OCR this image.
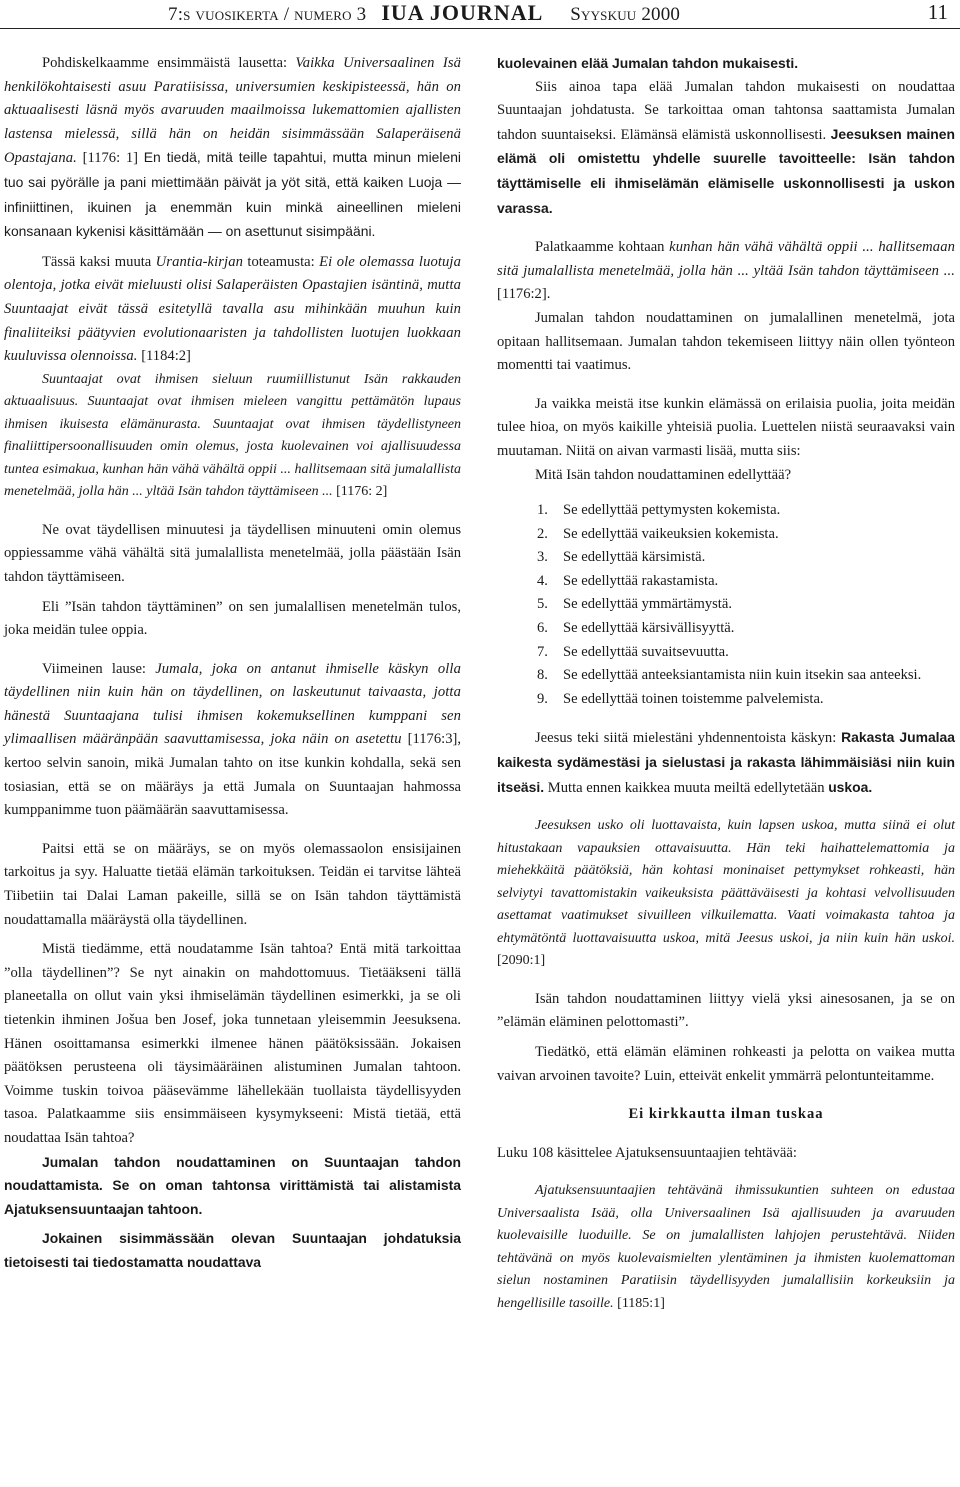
7:s vuosikerta / numero 3 IUA JOURNAL Syyskuu 2000	11

Pohdiskelkaamme ensimmäistä lausetta: Vaikka Universaalinen Isä henkilökohtaisesti asuu Paratiisissa, universumien keskipisteessä, hän on aktuaalisesti läsnä myös avaruuden maailmoissa lukemattomien ajallisten lastensa mielessä, sillä hän on heidän sisimmässään Salaperäisenä Opastajana. [1176: 1] En tiedä, mitä teille tapahtui, mutta minun mieleni tuo sai pyörälle ja pani miettimään päivät ja yöt sitä, että kaiken Luoja — infiniittinen, ikuinen ja enemmän kuin minkä aineellinen mieleni konsanaan kykenisi käsittämään — on asettunut sisimpääni.

Tässä kaksi muuta Urantia-kirjan toteamusta: Ei ole olemassa luotuja olentoja, jotka eivät mieluusti olisi Salaperäisten Opastajien isäntinä, mutta Suuntaajat eivät tässä esitetyllä tavalla asu mihinkään muuhun kuin finaliiteiksi päätyvien evolutionaaristen ja tahdollisten luotujen luokkaan kuuluvissa olennoissa. [1184:2]

Suuntaajat ovat ihmisen sieluun ruumiillistunut Isän rakkauden aktuaalisuus. Suuntaajat ovat ihmisen mieleen vangittu pettämätön lupaus ihmisen ikuisesta elämänurasta. Suuntaajat ovat ihmisen täydellistyneen finaliittipersoonallisuuden omin olemus, josta kuolevainen voi ajallisuudessa tuntea esimakua, kunhan hän vähä vähältä oppii ... hallitsemaan sitä jumalallista menetelmää, jolla hän ... yltää Isän tahdon täyttämiseen ... [1176: 2]

Ne ovat täydellisen minuutesi ja täydellisen minuuteni omin olemus oppiessamme vähä vähältä sitä jumalallista menetelmää, jolla päästään Isän tahdon täyttämiseen.

Eli ”Isän tahdon täyttäminen” on sen jumalallisen menetelmän tulos, joka meidän tulee oppia.

Viimeinen lause: Jumala, joka on antanut ihmiselle käskyn olla täydellinen niin kuin hän on täydellinen, on laskeutunut taivaasta, jotta hänestä Suuntaajana tulisi ihmisen kokemuksellinen kumppani sen ylimaallisen määränpään saavuttamisessa, joka näin on asetettu [1176:3], kertoo selvin sanoin, mikä Jumalan tahto on itse kunkin kohdalla, sekä sen tosiasian, että se on määräys ja että Jumala on Suuntaajan hahmossa kumppanimme tuon päämäärän saavuttamisessa.

Paitsi että se on määräys, se on myös olemassaolon ensisijainen tarkoitus ja syy. Haluatte tietää elämän tarkoituksen. Teidän ei tarvitse lähteä Tiibetiin tai Dalai Laman pakeille, sillä se on Isän tahdon täyttämistä noudattamalla määräystä olla täydellinen.

Mistä tiedämme, että noudatamme Isän tahtoa? Entä mitä tarkoittaa ”olla täydellinen”? Se nyt ainakin on mahdottomuus. Tietääkseni tällä planeetalla on ollut vain yksi ihmiselämän täydellinen esimerkki, ja se oli tietenkin ihminen Jošua ben Josef, joka tunnetaan yleisemmin Jeesuksena. Hänen osoittamansa esimerkki ilmenee hänen päätöksissään. Jokaisen päätöksen perusteena oli täysimääräinen alistuminen Jumalan tahtoon. Voimme tuskin toivoa pääsevämme lähellekään tuollaista täydellisyyden tasoa. Palatkaamme siis ensimmäiseen kysymykseeni: Mistä tietää, että noudattaa Isän tahtoa?

Jumalan tahdon noudattaminen on Suuntaajan tahdon noudattamista. Se on oman tahtonsa virittämistä tai alistamista Ajatuksensuuntaajan tahtoon.

Jokainen sisimmässään olevan Suuntaajan johdatuksia tietoisesti tai tiedostamatta noudattava

kuolevainen elää Jumalan tahdon mukaisesti.

Siis ainoa tapa elää Jumalan tahdon mukaisesti on noudattaa Suuntaajan johdatusta. Se tarkoittaa oman tahtonsa saattamista Jumalan tahdon suuntaiseksi. Elämänsä elämistä uskonnollisesti. Jeesuksen mainen elämä oli omistettu yhdelle suurelle tavoitteelle: Isän tahdon täyttämiselle eli ihmiselämän elämiselle uskonnollisesti ja uskon varassa.

Palatkaamme kohtaan kunhan hän vähä vähältä oppii ... hallitsemaan sitä jumalallista menetelmää, jolla hän ... yltää Isän tahdon täyttämiseen ... [1176:2].

Jumalan tahdon noudattaminen on jumalallinen menetelmä, jota opitaan hallitsemaan. Jumalan tahdon tekemiseen liittyy näin ollen työnteon momentti tai vaatimus.

Ja vaikka meistä itse kunkin elämässä on erilaisia puolia, joita meidän tulee hioa, on myös kaikille yhteisiä puolia. Luettelen niistä seuraavaksi vain muutaman. Niitä on aivan varmasti lisää, mutta siis:

Mitä Isän tahdon noudattaminen edellyttää?

1. Se edellyttää pettymysten kokemista.
2. Se edellyttää vaikeuksien kokemista.
3. Se edellyttää kärsimistä.
4. Se edellyttää rakastamista.
5. Se edellyttää ymmärtämystä.
6. Se edellyttää kärsivällisyyttä.
7. Se edellyttää suvaitsevuutta.
8. Se edellyttää anteeksiantamista niin kuin itsekin saa anteeksi.
9. Se edellyttää toinen toistemme palvelemista.

Jeesus teki siitä mielestäni yhdennentoista käskyn: Rakasta Jumalaa kaikesta sydämestäsi ja sielustasi ja rakasta lähimmäisiäsi niin kuin itseäsi. Mutta ennen kaikkea muuta meiltä edellytetään uskoa.

Jeesuksen usko oli luottavaista, kuin lapsen uskoa, mutta siinä ei olut hitustakaan vapauksien ottavaisuutta. Hän teki haihattelemattomia ja miehekkäitä päätöksiä, hän kohtasi moninaiset pettymykset rohkeasti, hän selviytyi tavattomistakin vaikeuksista päättäväisesti ja kohtasi velvollisuuden asettamat vaatimukset sivuilleen vilkuilematta. Vaati voimakasta tahtoa ja ehtymätöntä luottavaisuutta uskoa, mitä Jeesus uskoi, ja niin kuin hän uskoi. [2090:1]

Isän tahdon noudattaminen liittyy vielä yksi ainesosanen, ja se on ”elämän eläminen pelottomasti”.

Tiedätkö, että elämän eläminen rohkeasti ja pelotta on vaikea mutta vaivan arvoinen tavoite? Luin, etteivät enkelit ymmärrä pelontunteitamme.

Ei kirkkautta ilman tuskaa

Luku 108 käsittelee Ajatuksensuuntaajien tehtävää:

Ajatuksensuuntaajien tehtävänä ihmissukuntien suhteen on edustaa Universaalista Isää, olla Universaalinen Isä ajallisuuden ja avaruuden kuolevaisille luoduille. Se on jumalallisten lahjojen perustehtävä. Niiden tehtävänä on myös kuolevaismielten ylentäminen ja ihmisten kuolemattoman sielun nostaminen Paratiisin täydellisyyden jumalallisiin korkeuksiin ja hengellisille tasoille. [1185:1]
